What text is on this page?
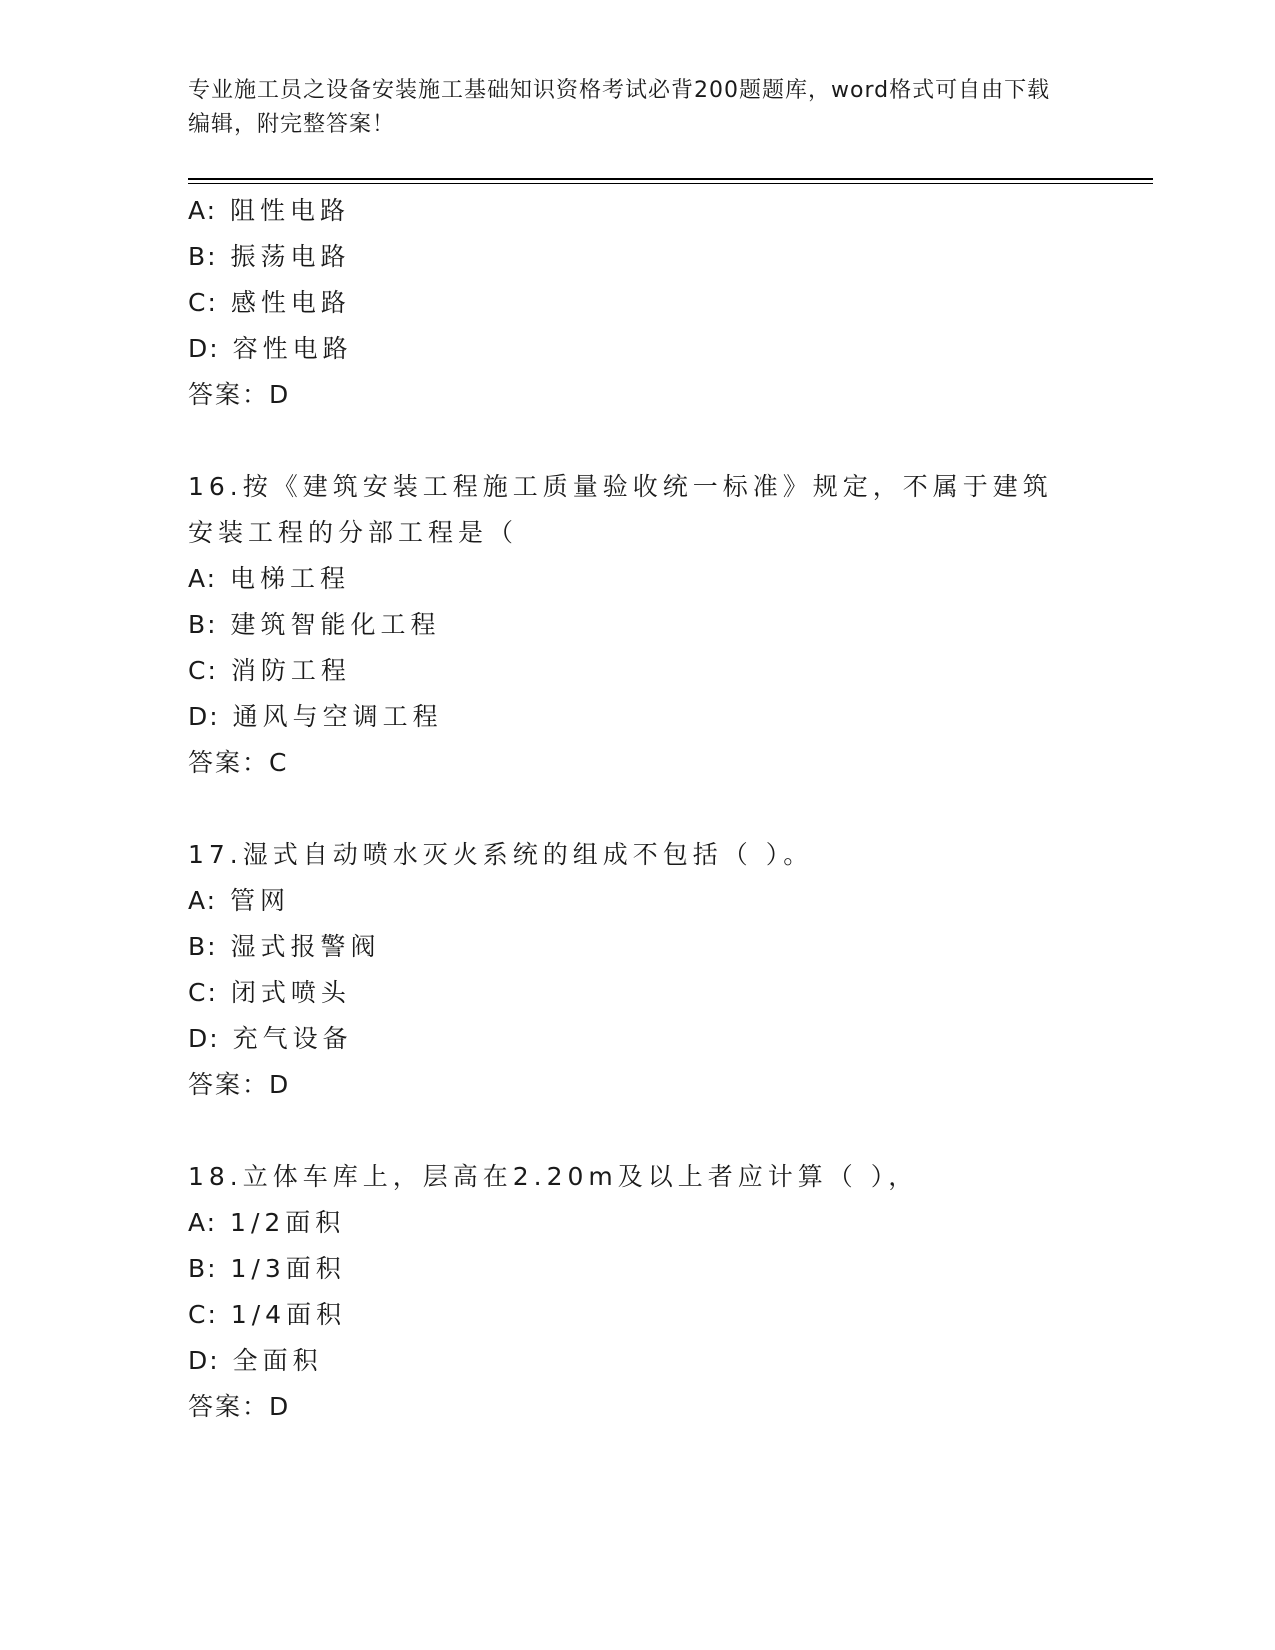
专业施工员之设备安装施工基础知识资格考试必背200题题库，word格式可自由下载编辑，附完整答案！
A: 阻性电路
B: 振荡电路
C: 感性电路
D: 容性电路
答案：D
16.按《建筑安装工程施工质量验收统一标准》规定，不属于建筑安装工程的分部工程是（
A: 电梯工程
B: 建筑智能化工程
C: 消防工程
D: 通风与空调工程
答案：C
17.湿式自动喷水灭火系统的组成不包括（ ）。
A: 管网
B: 湿式报警阀
C: 闭式喷头
D: 充气设备
答案：D
18.立体车库上，层高在2.20m及以上者应计算（ ），
A: 1/2面积
B: 1/3面积
C: 1/4面积
D: 全面积
答案：D
